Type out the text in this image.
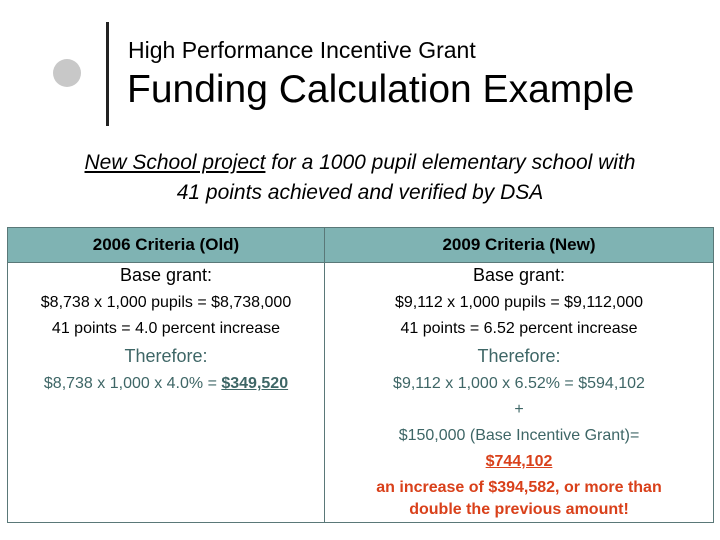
High Performance Incentive Grant
Funding Calculation Example
New School project for a 1000 pupil elementary school with
41 points achieved and verified by DSA
2006 Criteria (Old)	2009 Criteria (New)
Base grant:
$8,738 x 1,000 pupils = $8,738,000
41 points = 4.0 percent increase
Therefore:
$8,738 x 1,000 x 4.0% = $349,520
Base grant:
$9,112 x 1,000 pupils = $9,112,000
41 points = 6.52 percent increase
Therefore:
$9,112 x 1,000 x 6.52% = $594,102
+
$150,000 (Base Incentive Grant)=
$744,102
an increase of $394,582, or more than
double the previous amount!
